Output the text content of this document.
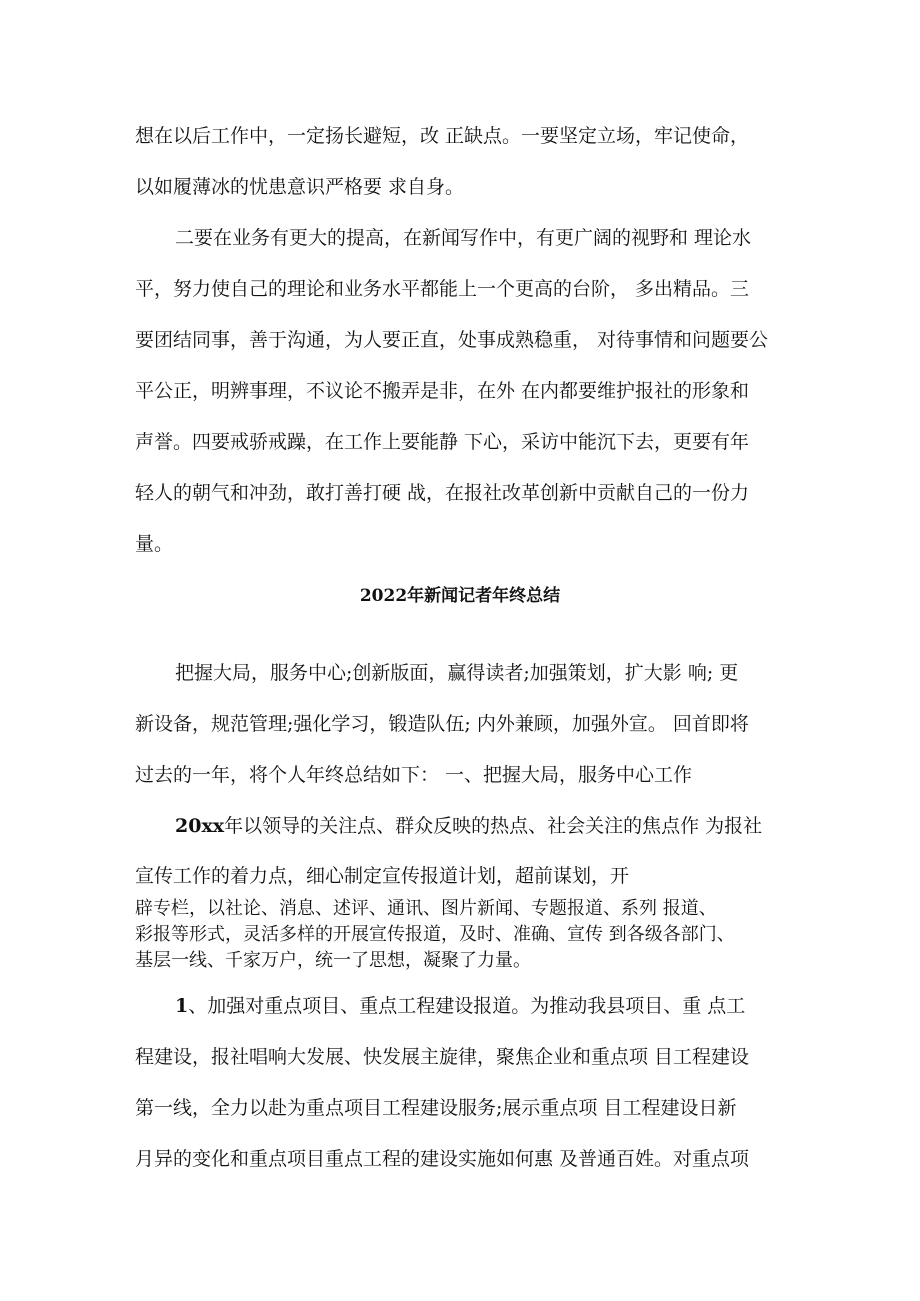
想在以后工作中，一定扬长避短，改 正缺点。一要坚定立场，牢记使命，
以如履薄冰的忧患意识严格要 求自身。
二要在业务有更大的提高，在新闻写作中，有更广阔的视野和 理论水
平，努力使自己的理论和业务水平都能上一个更高的台阶， 多出精品。三
要团结同事，善于沟通，为人要正直，处事成熟稳重， 对待事情和问题要公
平公正，明辨事理，不议论不搬弄是非，在外 在内都要维护报社的形象和
声誉。四要戒骄戒躁，在工作上要能静 下心，采访中能沉下去，更要有年
轻人的朝气和冲劲，敢打善打硬 战，在报社改革创新中贡献自己的一份力
量。
2022年新闻记者年终总结
把握大局，服务中心;创新版面，赢得读者;加强策划，扩大影 响; 更
新设备，规范管理;强化学习，锻造队伍; 内外兼顾，加强外宣。 回首即将
过去的一年，将个人年终总结如下： 一、把握大局，服务中心工作
20xx年以领导的关注点、群众反映的热点、社会关注的焦点作 为报社
宣传工作的着力点，细心制定宣传报道计划，超前谋划，开
辟专栏，以社论、消息、述评、通讯、图片新闻、专题报道、系列 报道、
彩报等形式，灵活多样的开展宣传报道，及时、准确、宣传 到各级各部门、
基层一线、千家万户，统一了思想，凝聚了力量。
1、加强对重点项目、重点工程建设报道。为推动我县项目、重 点工
程建设，报社唱响大发展、快发展主旋律，聚焦企业和重点项 目工程建设
第一线，全力以赴为重点项目工程建设服务;展示重点项 目工程建设日新
月异的变化和重点项目重点工程的建设实施如何惠 及普通百姓。对重点项
